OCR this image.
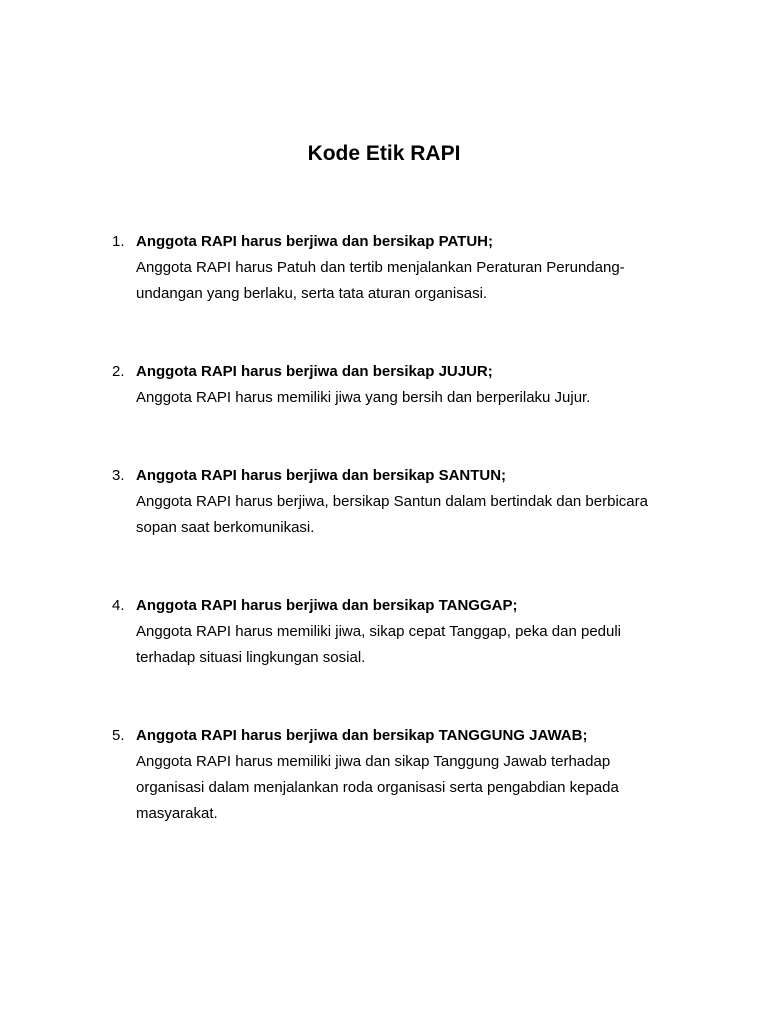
Kode Etik RAPI
1. Anggota RAPI harus berjiwa dan bersikap PATUH;
Anggota RAPI harus Patuh dan tertib menjalankan Peraturan Perundang-undangan yang berlaku, serta tata aturan organisasi.
2. Anggota RAPI harus berjiwa dan bersikap JUJUR;
Anggota RAPI harus memiliki jiwa yang bersih dan berperilaku Jujur.
3. Anggota RAPI harus berjiwa dan bersikap SANTUN;
Anggota RAPI harus berjiwa, bersikap Santun dalam bertindak dan berbicara sopan saat berkomunikasi.
4. Anggota RAPI harus berjiwa dan bersikap TANGGAP;
Anggota RAPI harus memiliki jiwa, sikap cepat Tanggap, peka dan peduli terhadap situasi lingkungan sosial.
5. Anggota RAPI harus berjiwa dan bersikap TANGGUNG JAWAB;
Anggota RAPI harus memiliki jiwa dan sikap Tanggung Jawab terhadap organisasi dalam menjalankan roda organisasi serta pengabdian kepada masyarakat.
